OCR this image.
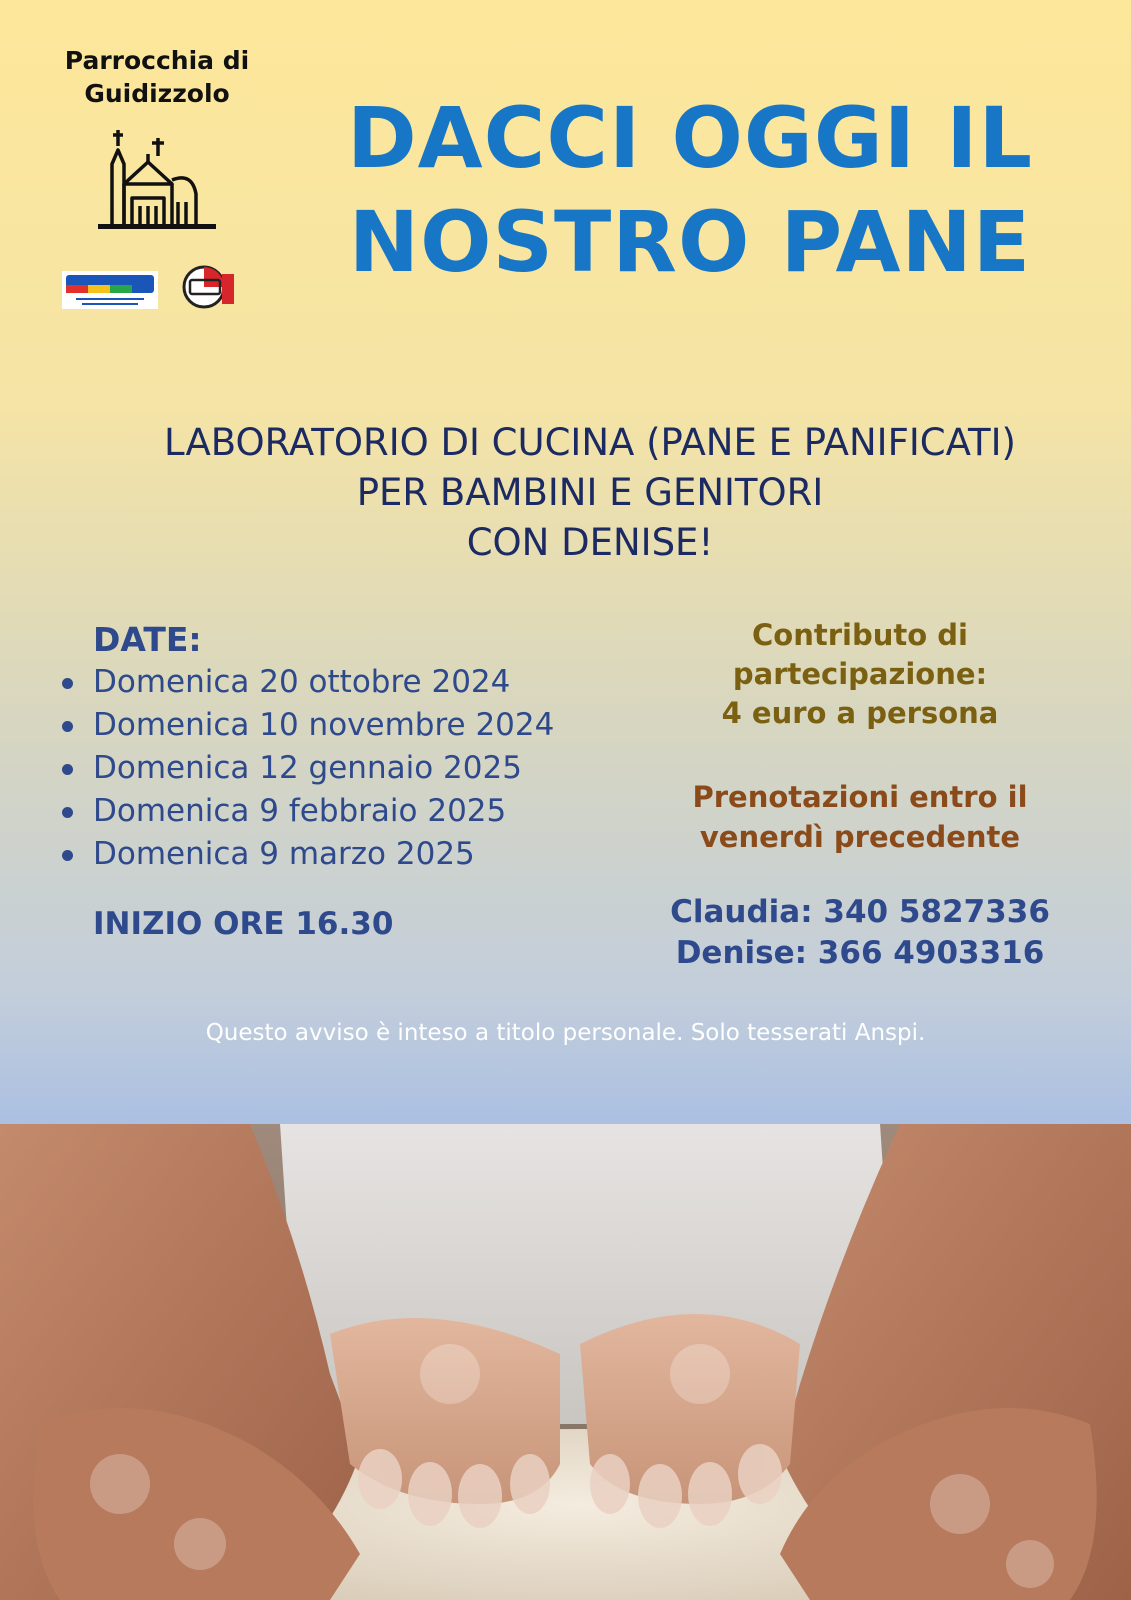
Parrocchia di
Guidizzolo	DACCI OGGI IL
NOSTRO PANE
LABORATORIO DI CUCINA (PANE E PANIFICATI)
PER BAMBINI E GENITORI
CON DENISE!
DATE:
Domenica 20 ottobre 2024
Domenica 10 novembre 2024
Domenica 12 gennaio 2025
Domenica 9 febbraio 2025
Domenica 9 marzo 2025
INIZIO ORE 16.30
Contributo di
partecipazione:
4 euro a persona
Prenotazioni entro il
venerdì precedente
Claudia: 340 5827336
Denise: 366 4903316
Questo avviso è inteso a titolo personale. Solo tesserati Anspi.
